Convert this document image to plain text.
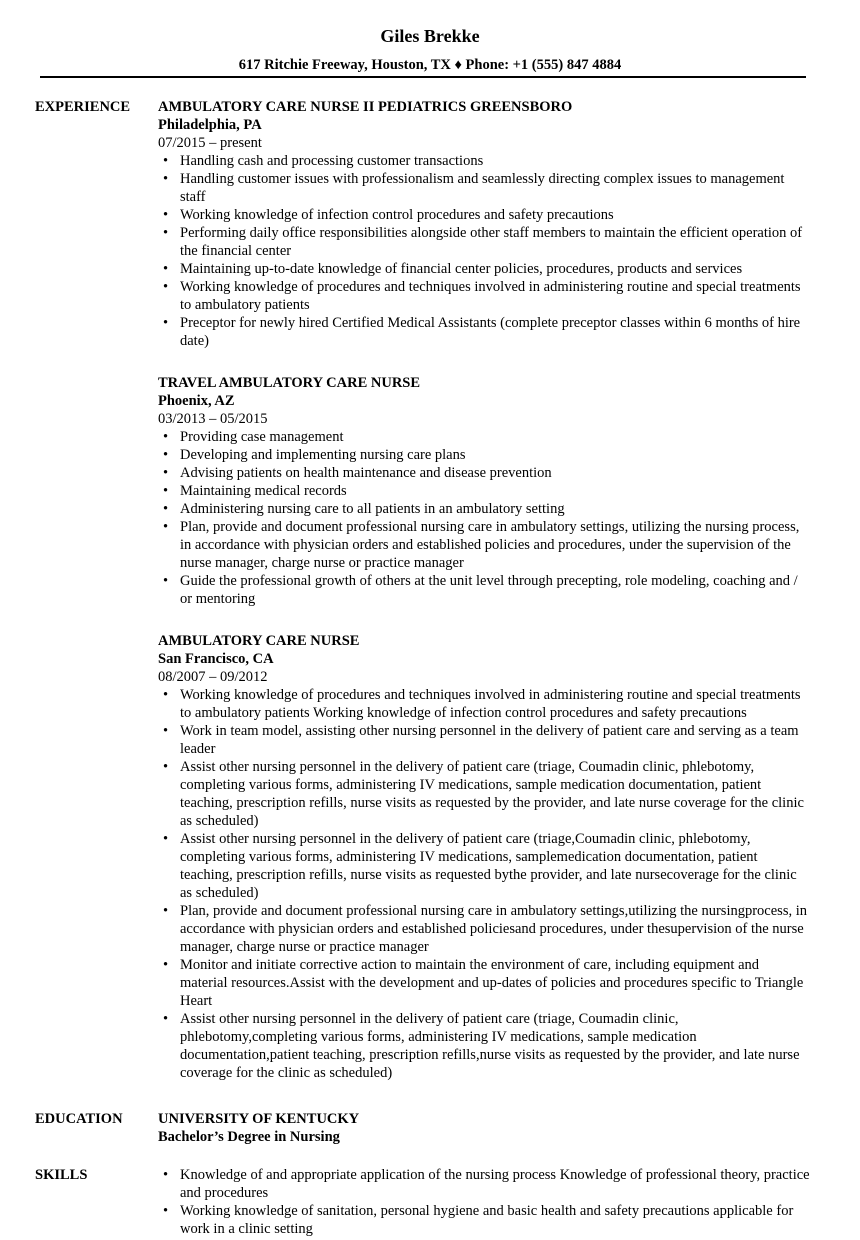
Giles Brekke
617 Ritchie Freeway, Houston, TX ♦ Phone: +1 (555) 847 4884
EXPERIENCE AMBULATORY CARE NURSE II PEDIATRICS GREENSBORO
Philadelphia, PA
07/2015 – present
• Handling cash and processing customer transactions
• Handling customer issues with professionalism and seamlessly directing complex issues to management staff
• Working knowledge of infection control procedures and safety precautions
• Performing daily office responsibilities alongside other staff members to maintain the efficient operation of the financial center
• Maintaining up-to-date knowledge of financial center policies, procedures, products and services
• Working knowledge of procedures and techniques involved in administering routine and special treatments to ambulatory patients
• Preceptor for newly hired Certified Medical Assistants (complete preceptor classes within 6 months of hire date)
TRAVEL AMBULATORY CARE NURSE
Phoenix, AZ
03/2013 – 05/2015
• Providing case management
• Developing and implementing nursing care plans
• Advising patients on health maintenance and disease prevention
• Maintaining medical records
• Administering nursing care to all patients in an ambulatory setting
• Plan, provide and document professional nursing care in ambulatory settings, utilizing the nursing process, in accordance with physician orders and established policies and procedures, under the supervision of the nurse manager, charge nurse or practice manager
• Guide the professional growth of others at the unit level through precepting, role modeling, coaching and / or mentoring
AMBULATORY CARE NURSE
San Francisco, CA
08/2007 – 09/2012
• Working knowledge of procedures and techniques involved in administering routine and special treatments to ambulatory patients Working knowledge of infection control procedures and safety precautions
• Work in team model, assisting other nursing personnel in the delivery of patient care and serving as a team leader
• Assist other nursing personnel in the delivery of patient care (triage, Coumadin clinic, phlebotomy, completing various forms, administering IV medications, sample medication documentation, patient teaching, prescription refills, nurse visits as requested by the provider, and late nurse coverage for the clinic as scheduled)
• Assist other nursing personnel in the delivery of patient care (triage,Coumadin clinic, phlebotomy, completing various forms, administering IV medications, samplemedication documentation, patient teaching, prescription refills, nurse visits as requested bythe provider, and late nursecoverage for the clinic as scheduled)
• Plan, provide and document professional nursing care in ambulatory settings,utilizing the nursingprocess, in accordance with physician orders and established policiesand procedures, under thesupervision of the nurse manager, charge nurse or practice manager
• Monitor and initiate corrective action to maintain the environment of care, including equipment and material resources.Assist with the development and up-dates of policies and procedures specific to Triangle Heart
• Assist other nursing personnel in the delivery of patient care (triage, Coumadin clinic, phlebotomy,completing various forms, administering IV medications, sample medication documentation,patient teaching, prescription refills,nurse visits as requested by the provider, and late nurse coverage for the clinic as scheduled)
EDUCATION UNIVERSITY OF KENTUCKY
Bachelor’s Degree in Nursing
SKILLS	• Knowledge of and appropriate application of the nursing process Knowledge of professional theory, practice and procedures
• Working knowledge of sanitation, personal hygiene and basic health and safety precautions applicable for work in a clinic setting
